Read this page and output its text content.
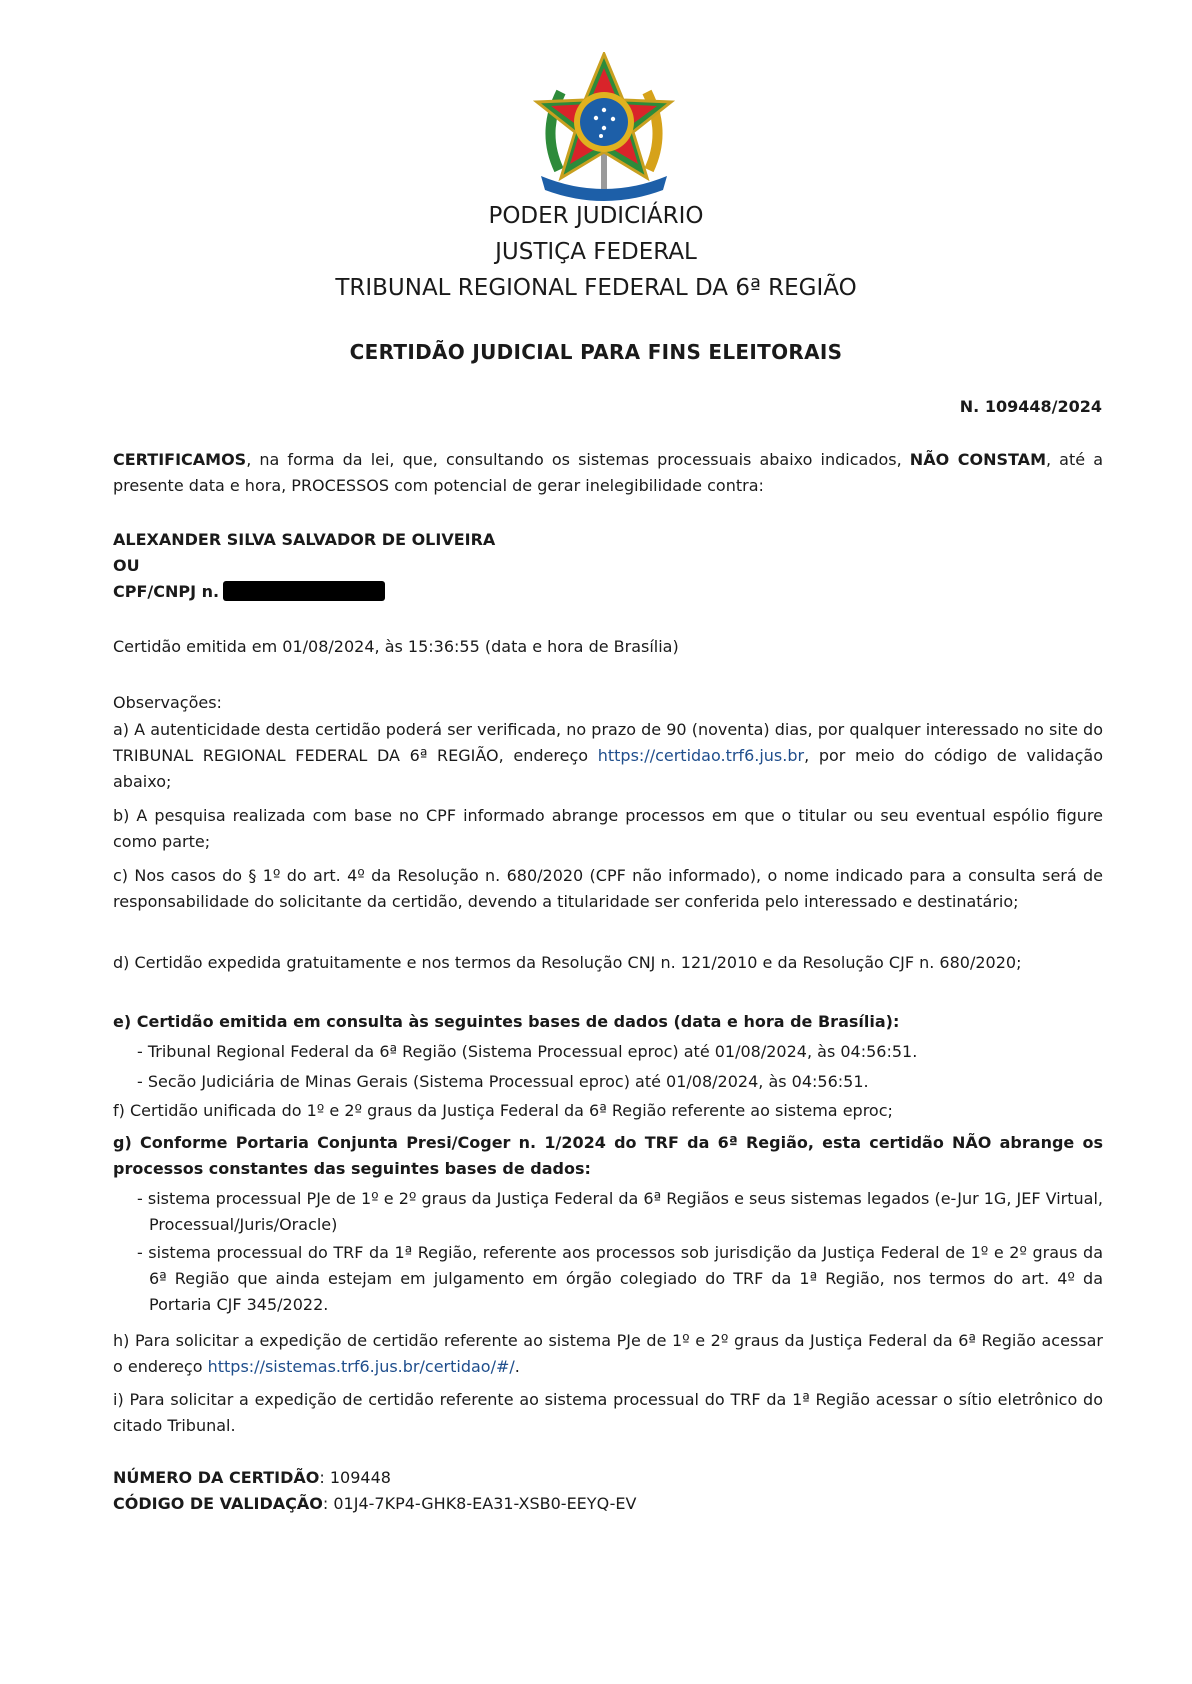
PODER JUDICIÁRIO
JUSTIÇA FEDERAL
TRIBUNAL REGIONAL FEDERAL DA 6ª REGIÃO
CERTIDÃO JUDICIAL PARA FINS ELEITORAIS
N. 109448/2024
CERTIFICAMOS, na forma da lei, que, consultando os sistemas processuais abaixo indicados, NÃO CONSTAM, até a presente data e hora, PROCESSOS com potencial de gerar inelegibilidade contra:
ALEXANDER SILVA SALVADOR DE OLIVEIRA
OU
CPF/CNPJ n.
Certidão emitida em 01/08/2024, às 15:36:55 (data e hora de Brasília)
Observações:
a) A autenticidade desta certidão poderá ser verificada, no prazo de 90 (noventa) dias, por qualquer interessado no site do TRIBUNAL REGIONAL FEDERAL DA 6ª REGIÃO, endereço https://certidao.trf6.jus.br, por meio do código de validação abaixo;
b) A pesquisa realizada com base no CPF informado abrange processos em que o titular ou seu eventual espólio figure como parte;
c) Nos casos do § 1º do art. 4º da Resolução n. 680/2020 (CPF não informado), o nome indicado para a consulta será de responsabilidade do solicitante da certidão, devendo a titularidade ser conferida pelo interessado e destinatário;
d) Certidão expedida gratuitamente e nos termos da Resolução CNJ n. 121/2010 e da Resolução CJF n. 680/2020;
e) Certidão emitida em consulta às seguintes bases de dados (data e hora de Brasília):
- Tribunal Regional Federal da 6ª Região (Sistema Processual eproc) até 01/08/2024, às 04:56:51.
- Secão Judiciária de Minas Gerais (Sistema Processual eproc) até 01/08/2024, às 04:56:51.
f) Certidão unificada do 1º e 2º graus da Justiça Federal da 6ª Região referente ao sistema eproc;
g) Conforme Portaria Conjunta Presi/Coger n. 1/2024 do TRF da 6ª Região, esta certidão NÃO abrange os processos constantes das seguintes bases de dados:
- sistema processual PJe de 1º e 2º graus da Justiça Federal da 6ª Regiãos e seus sistemas legados (e-Jur 1G, JEF Virtual, Processual/Juris/Oracle)
- sistema processual do TRF da 1ª Região, referente aos processos sob jurisdição da Justiça Federal de 1º e 2º graus da 6ª Região que ainda estejam em julgamento em órgão colegiado do TRF da 1ª Região, nos termos do art. 4º da Portaria CJF 345/2022.
h) Para solicitar a expedição de certidão referente ao sistema PJe de 1º e 2º graus da Justiça Federal da 6ª Região acessar o endereço https://sistemas.trf6.jus.br/certidao/#/.
i) Para solicitar a expedição de certidão referente ao sistema processual do TRF da 1ª Região acessar o sítio eletrônico do citado Tribunal.
NÚMERO DA CERTIDÃO: 109448
CÓDIGO DE VALIDAÇÃO: 01J4-7KP4-GHK8-EA31-XSB0-EEYQ-EV
